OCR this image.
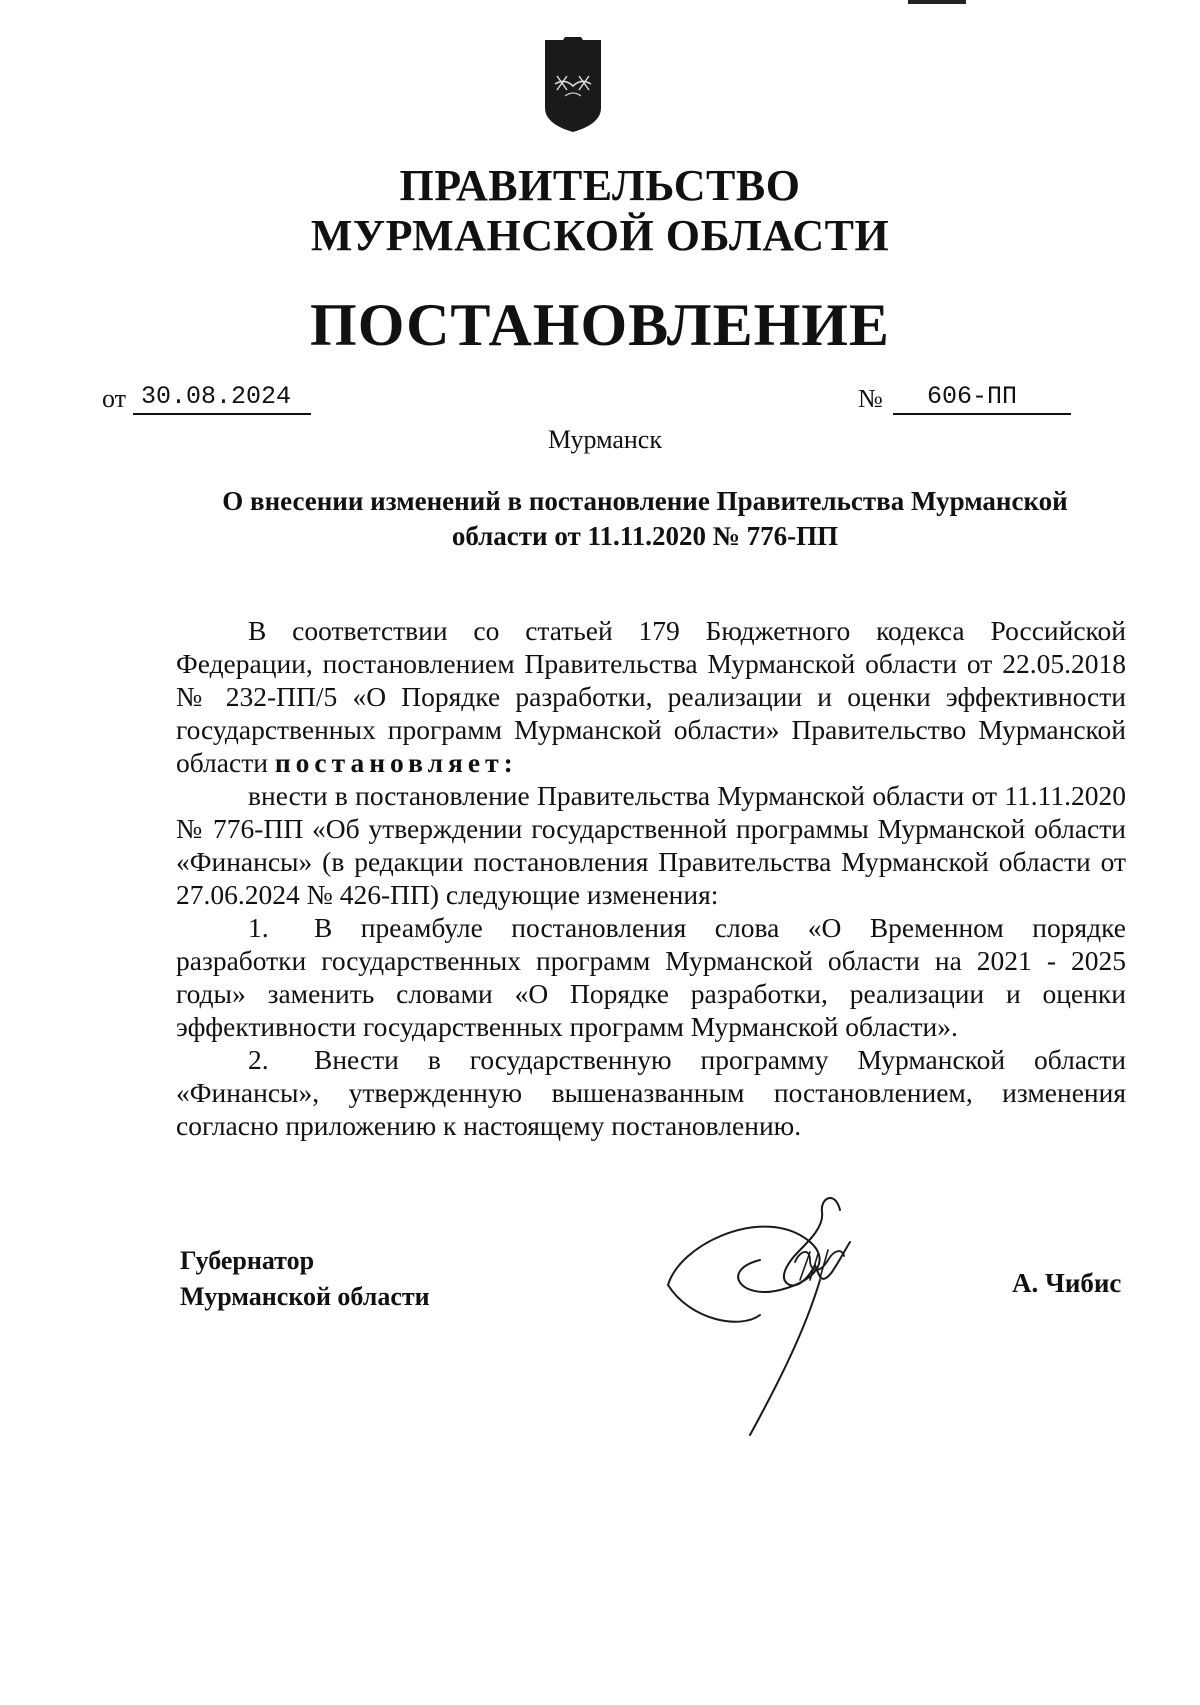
ПРАВИТЕЛЬСТВО
МУРМАНСКОЙ ОБЛАСТИ
ПОСТАНОВЛЕНИЕ
от 30.08.2024	№	606-ПП
Мурманск
О внесении изменений в постановление Правительства Мурманской
области от 11.11.2020 № 776-ПП

В соответствии со статьей 179 Бюджетного кодекса Российской Федерации, постановлением Правительства Мурманской области от 22.05.2018 № 232-ПП/5 «О Порядке разработки, реализации и оценки эффективности государственных программ Мурманской области» Правительство Мурманской области постановляет:

внести в постановление Правительства Мурманской области от 11.11.2020 № 776-ПП «Об утверждении государственной программы Мурманской области «Финансы» (в редакции постановления Правительства Мурманской области от 27.06.2024 № 426-ПП) следующие изменения:

1. В преамбуле постановления слова «О Временном порядке разработки государственных программ Мурманской области на 2021 - 2025 годы» заменить словами «О Порядке разработки, реализации и оценки эффективности государственных программ Мурманской области».

2. Внести в государственную программу Мурманской области «Финансы», утвержденную вышеназванным постановлением, изменения согласно приложению к настоящему постановлению.

Губернатор
Мурманской области	А. Чибис
